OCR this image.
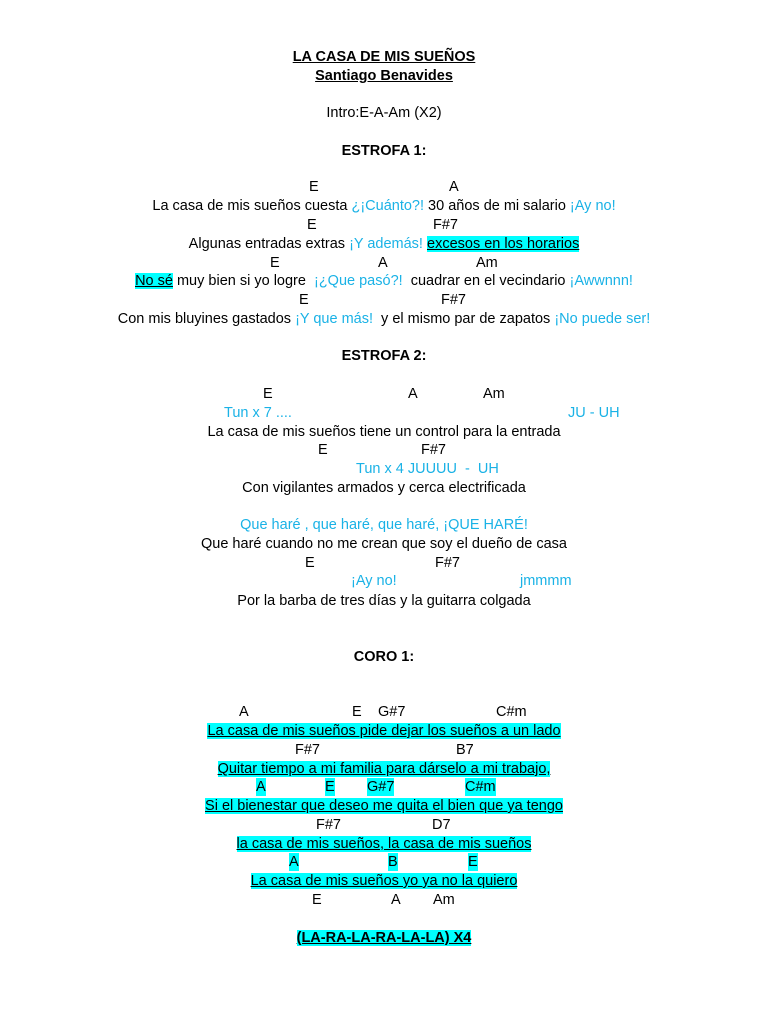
LA CASA DE MIS SUEÑOS
Santiago Benavides
Intro:E-A-Am (X2)
ESTROFA 1:
E	A
La casa de mis sueños cuesta ¿¡Cuánto?! 30 años de mi salario ¡Ay no!
E	F#7
Algunas entradas extras ¡Y además! excesos en los horarios
E	A	Am
No sé muy bien si yo logre  ¡¿Que pasó?!  cuadrar en el vecindario ¡Awwnnn!
E	F#7
Con mis bluyines gastados ¡Y que más!  y el mismo par de zapatos ¡No puede ser!
ESTROFA 2:
E	A	Am
Tun x 7 ....	JU - UH
La casa de mis sueños tiene un control para la entrada
E	F#7
Tun x 4 JUUUU  -  UH
Con vigilantes armados y cerca electrificada
Que haré , que haré, que haré, ¡QUE HARÉ!
Que haré cuando no me crean que soy el dueño de casa
E	F#7
¡Ay no!	jmmmm
Por la barba de tres días y la guitarra colgada
CORO 1:
A	E G#7	C#m
La casa de mis sueños pide dejar los sueños a un lado
F#7	B7
Quitar tiempo a mi familia para dárselo a mi trabajo,
A	E G#7	C#m
Si el bienestar que deseo me quita el bien que ya tengo
F#7	D7
la casa de mis sueños, la casa de mis sueños
A	B	E
La casa de mis sueños yo ya no la quiero
E	A Am
(LA-RA-LA-RA-LA-LA) X4
